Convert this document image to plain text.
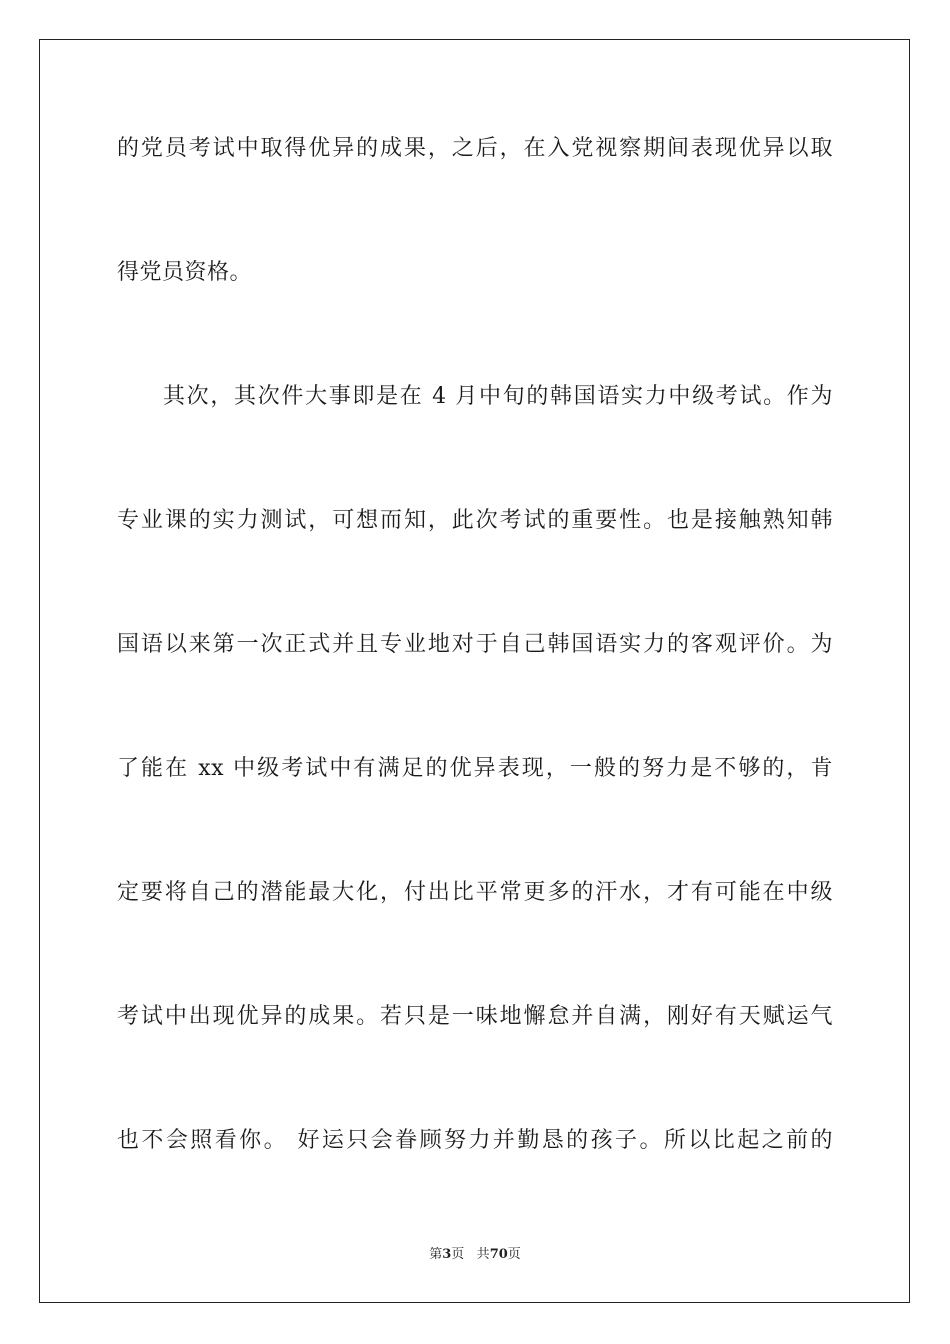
的党员考试中取得优异的成果，之后，在入党视察期间表现优异以取
得党员资格。
其次，其次件大事即是在 4 月中旬的韩国语实力中级考试。作为
专业课的实力测试，可想而知，此次考试的重要性。也是接触熟知韩
国语以来第一次正式并且专业地对于自己韩国语实力的客观评价。为
了能在 xx 中级考试中有满足的优异表现，一般的努力是不够的，肯
定要将自己的潜能最大化，付出比平常更多的汗水，才有可能在中级
考试中出现优异的成果。若只是一味地懈怠并自满，刚好有天赋运气
也不会照看你。 好运只会眷顾努力并勤恳的孩子。所以比起之前的
第3页 共70页
